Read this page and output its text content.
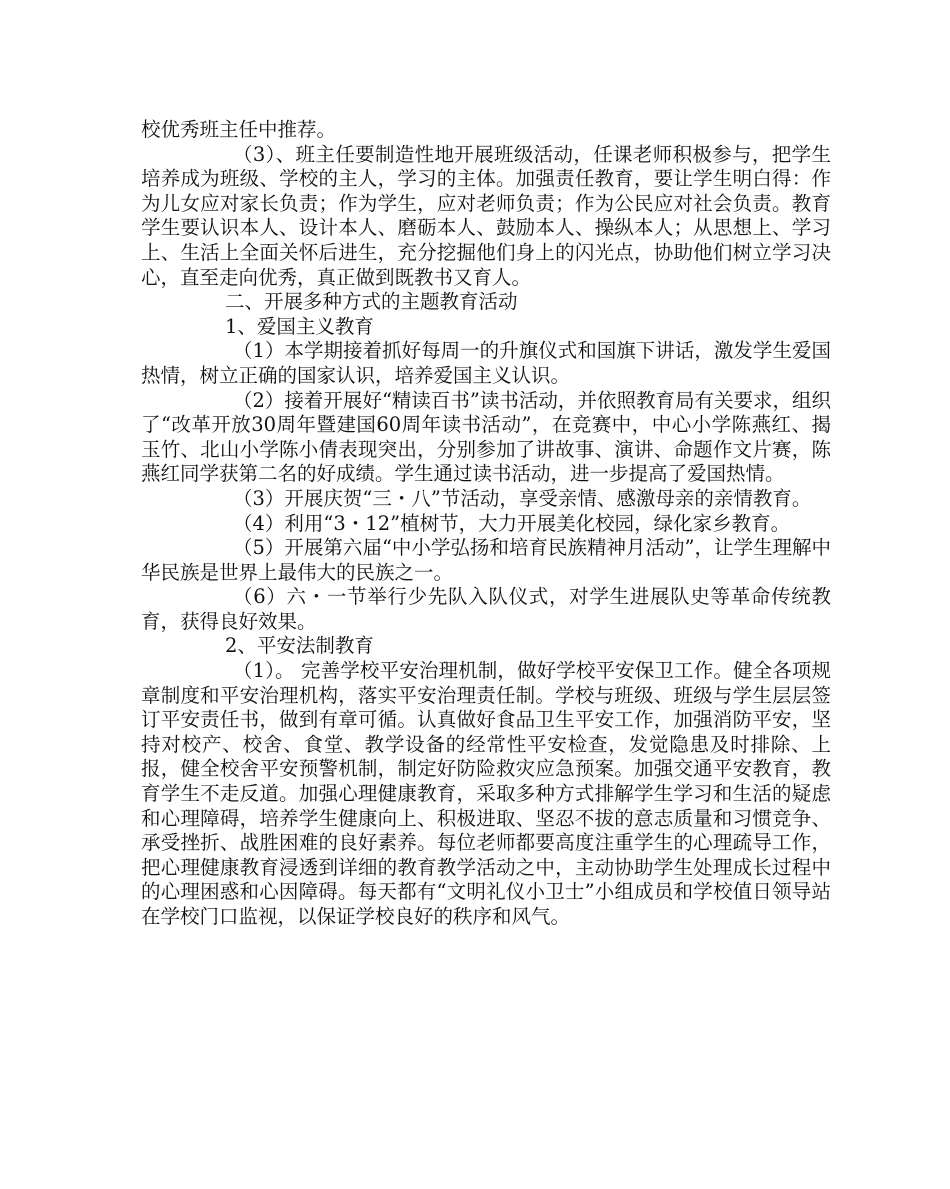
校优秀班主任中推荐。

（3）、班主任要制造性地开展班级活动，任课老师积极参与，把学生培养成为班级、学校的主人，学习的主体。加强责任教育，要让学生明白得：作为儿女应对家长负责；作为学生，应对老师负责；作为公民应对社会负责。教育学生要认识本人、设计本人、磨砺本人、鼓励本人、操纵本人；从思想上、学习上、生活上全面关怀后进生，充分挖掘他们身上的闪光点，协助他们树立学习决心，直至走向优秀，真正做到既教书又育人。

二、开展多种方式的主题教育活动

1、爱国主义教育

（1）本学期接着抓好每周一的升旗仪式和国旗下讲话，激发学生爱国热情，树立正确的国家认识，培养爱国主义认识。

（2）接着开展好“精读百书”读书活动，并依照教育局有关要求，组织了“改革开放30周年暨建国60周年读书活动”，在竞赛中，中心小学陈燕红、揭玉竹、北山小学陈小倩表现突出，分别参加了讲故事、演讲、命题作文片赛，陈燕红同学获第二名的好成绩。学生通过读书活动，进一步提高了爱国热情。

（3）开展庆贺“三・八”节活动，享受亲情、感激母亲的亲情教育。

（4）利用“3・12”植树节，大力开展美化校园，绿化家乡教育。

（5）开展第六届“中小学弘扬和培育民族精神月活动”，让学生理解中华民族是世界上最伟大的民族之一。

（6）六・一节举行少先队入队仪式，对学生进展队史等革命传统教育，获得良好效果。

2、平安法制教育

（1）。 完善学校平安治理机制，做好学校平安保卫工作。健全各项规章制度和平安治理机构，落实平安治理责任制。学校与班级、班级与学生层层签订平安责任书，做到有章可循。认真做好食品卫生平安工作，加强消防平安，坚持对校产、校舍、食堂、教学设备的经常性平安检查，发觉隐患及时排除、上报，健全校舍平安预警机制，制定好防险救灾应急预案。加强交通平安教育，教育学生不走反道。加强心理健康教育，采取多种方式排解学生学习和生活的疑虑和心理障碍，培养学生健康向上、积极进取、坚忍不拔的意志质量和习惯竞争、承受挫折、战胜困难的良好素养。每位老师都要高度注重学生的心理疏导工作，把心理健康教育浸透到详细的教育教学活动之中，主动协助学生处理成长过程中的心理困惑和心因障碍。每天都有“文明礼仪小卫士”小组成员和学校值日领导站在学校门口监视，以保证学校良好的秩序和风气。
